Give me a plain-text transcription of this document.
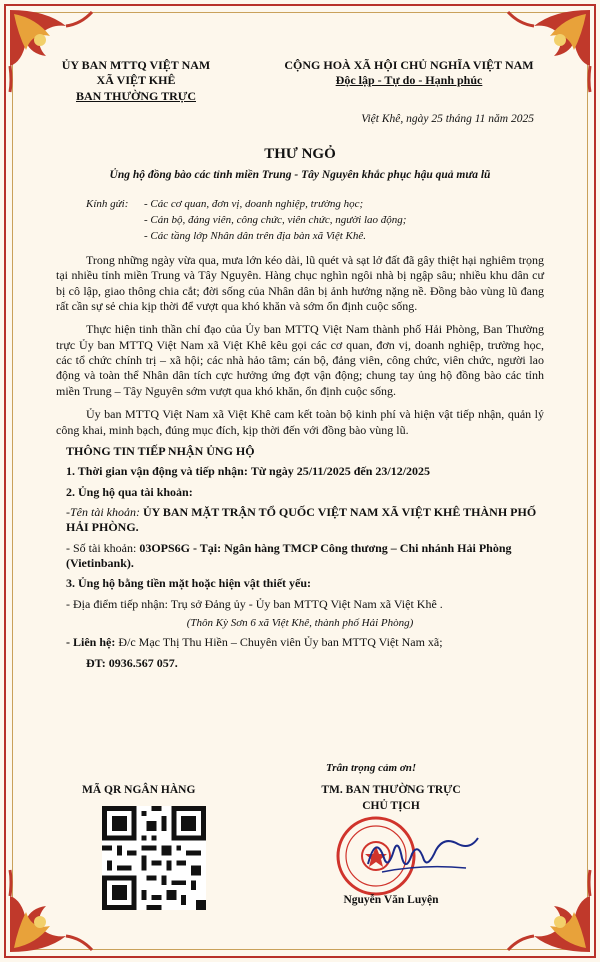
ỦY BAN MTTQ VIỆT NAM
XÃ VIỆT KHÊ
BAN THƯỜNG TRỰC
CỘNG HOÀ XÃ HỘI CHỦ NGHĨA VIỆT NAM
Độc lập - Tự do - Hạnh phúc
Việt Khê, ngày 25 tháng 11 năm 2025
THƯ NGỎ
Ủng hộ đồng bào các tỉnh miền Trung - Tây Nguyên khắc phục hậu quả mưa lũ
Kính gửi:	- Các cơ quan, đơn vị, doanh nghiệp, trường học;
- Cán bộ, đảng viên, công chức, viên chức, người lao động;
- Các tầng lớp Nhân dân trên địa bàn xã Việt Khê.

Trong những ngày vừa qua, mưa lớn kéo dài, lũ quét và sạt lở đất đã gây thiệt hại nghiêm trọng tại nhiều tỉnh miền Trung và Tây Nguyên. Hàng chục nghìn ngôi nhà bị ngập sâu; nhiều khu dân cư bị cô lập, giao thông chia cắt; đời sống của Nhân dân bị ảnh hưởng nặng nề. Đồng bào vùng lũ đang rất cần sự sẻ chia kịp thời để vượt qua khó khăn và sớm ổn định cuộc sống.

Thực hiện tinh thần chỉ đạo của Ủy ban MTTQ Việt Nam thành phố Hải Phòng, Ban Thường trực Ủy ban MTTQ Việt Nam xã Việt Khê kêu gọi các cơ quan, đơn vị, doanh nghiệp, trường học, các tổ chức chính trị – xã hội; các nhà hảo tâm; cán bộ, đảng viên, công chức, viên chức, người lao động và toàn thể Nhân dân tích cực hưởng ứng đợt vận động; chung tay ủng hộ đồng bào các tỉnh miền Trung – Tây Nguyên sớm vượt qua khó khăn, ổn định cuộc sống.

Ủy ban MTTQ Việt Nam xã Việt Khê cam kết toàn bộ kinh phí và hiện vật tiếp nhận, quản lý công khai, minh bạch, đúng mục đích, kịp thời đến với đồng bào vùng lũ.

THÔNG TIN TIẾP NHẬN ỦNG HỘ
1. Thời gian vận động và tiếp nhận: Từ ngày 25/11/2025 đến 23/12/2025
2. Ủng hộ qua tài khoản:
-Tên tài khoản: ỦY BAN MẶT TRẬN TỔ QUỐC VIỆT NAM XÃ VIỆT KHÊ THÀNH PHỐ HẢI PHÒNG.
- Số tài khoản: 03OPS6G - Tại: Ngân hàng TMCP Công thương – Chi nhánh Hải Phòng (Vietinbank).
3. Ủng hộ bằng tiền mặt hoặc hiện vật thiết yếu:
- Địa điểm tiếp nhận: Trụ sở Đảng ủy - Ủy ban MTTQ Việt Nam xã Việt Khê .
(Thôn Kỳ Sơn 6 xã Việt Khê, thành phố Hải Phòng)
- Liên hệ: Đ/c Mạc Thị Thu Hiền – Chuyên viên Ủy ban MTTQ Việt Nam xã;
ĐT: 0936.567 057.
Trân trọng cảm ơn!
MÃ QR NGÂN HÀNG	TM. BAN THƯỜNG TRỰC
CHỦ TỊCH
Nguyễn Văn Luyện
